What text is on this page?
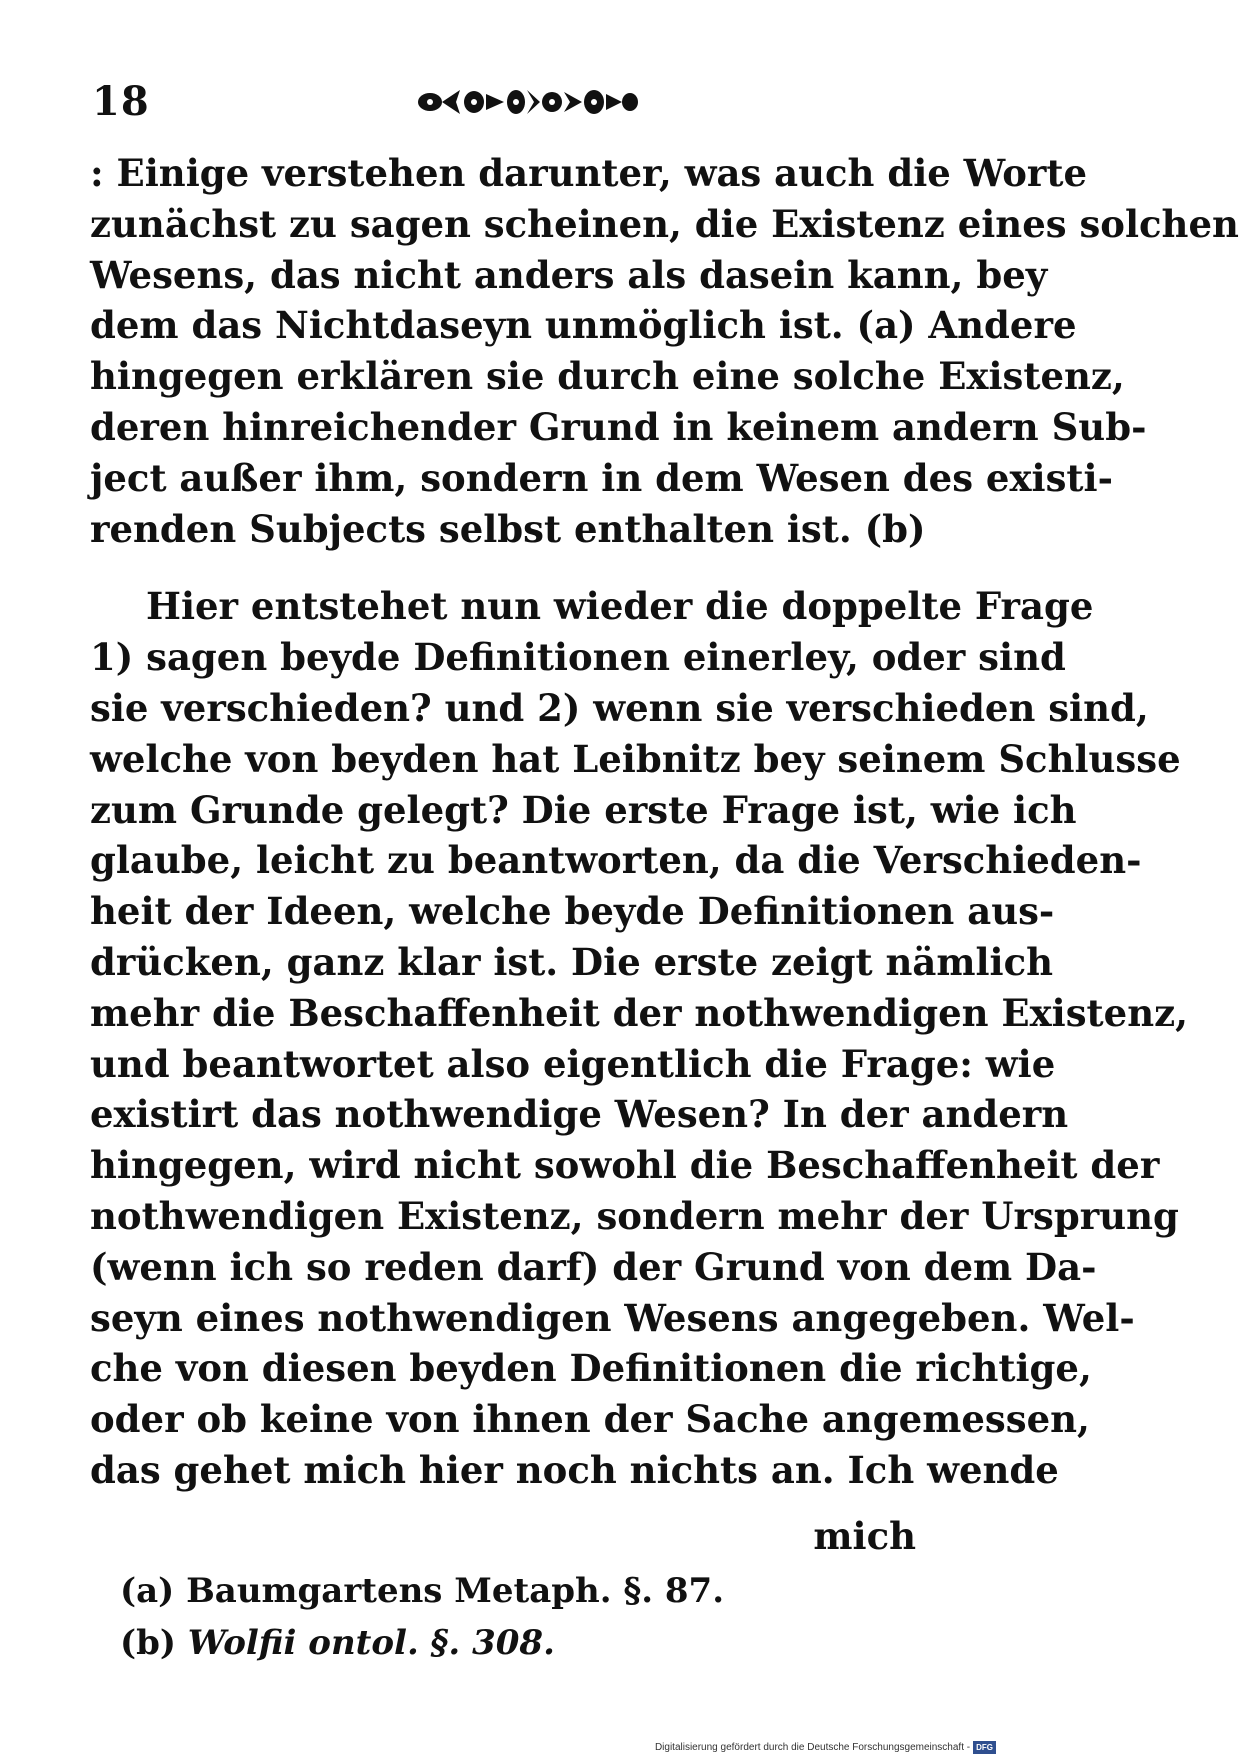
18
: Einige verstehen darunter, was auch die Worte
zunächst zu sagen scheinen, die Existenz eines solchen
Wesens, das nicht anders als dasein kann, bey
dem das Nichtdaseyn unmöglich ist. (a) Andere
hingegen erklären sie durch eine solche Existenz,
deren hinreichender Grund in keinem andern Sub-
ject außer ihm, sondern in dem Wesen des existi-
renden Subjects selbst enthalten ist. (b)
Hier entstehet nun wieder die doppelte Frage
1) sagen beyde Definitionen einerley, oder sind
sie verschieden? und 2) wenn sie verschieden sind,
welche von beyden hat Leibnitz bey seinem Schlusse
zum Grunde gelegt? Die erste Frage ist, wie ich
glaube, leicht zu beantworten, da die Verschieden-
heit der Ideen, welche beyde Definitionen aus-
drücken, ganz klar ist. Die erste zeigt nämlich
mehr die Beschaffenheit der nothwendigen Existenz,
und beantwortet also eigentlich die Frage: wie
existirt das nothwendige Wesen? In der andern
hingegen, wird nicht sowohl die Beschaffenheit der
nothwendigen Existenz, sondern mehr der Ursprung
(wenn ich so reden darf) der Grund von dem Da-
seyn eines nothwendigen Wesens angegeben. Wel-
che von diesen beyden Definitionen die richtige,
oder ob keine von ihnen der Sache angemessen,
das gehet mich hier noch nichts an. Ich wende
mich
(a) Baumgartens Metaph. §. 87.
(b) Wolfii ontol. §. 308.
Digitalisierung gefördert durch die Deutsche Forschungsgemeinschaft - DFG
